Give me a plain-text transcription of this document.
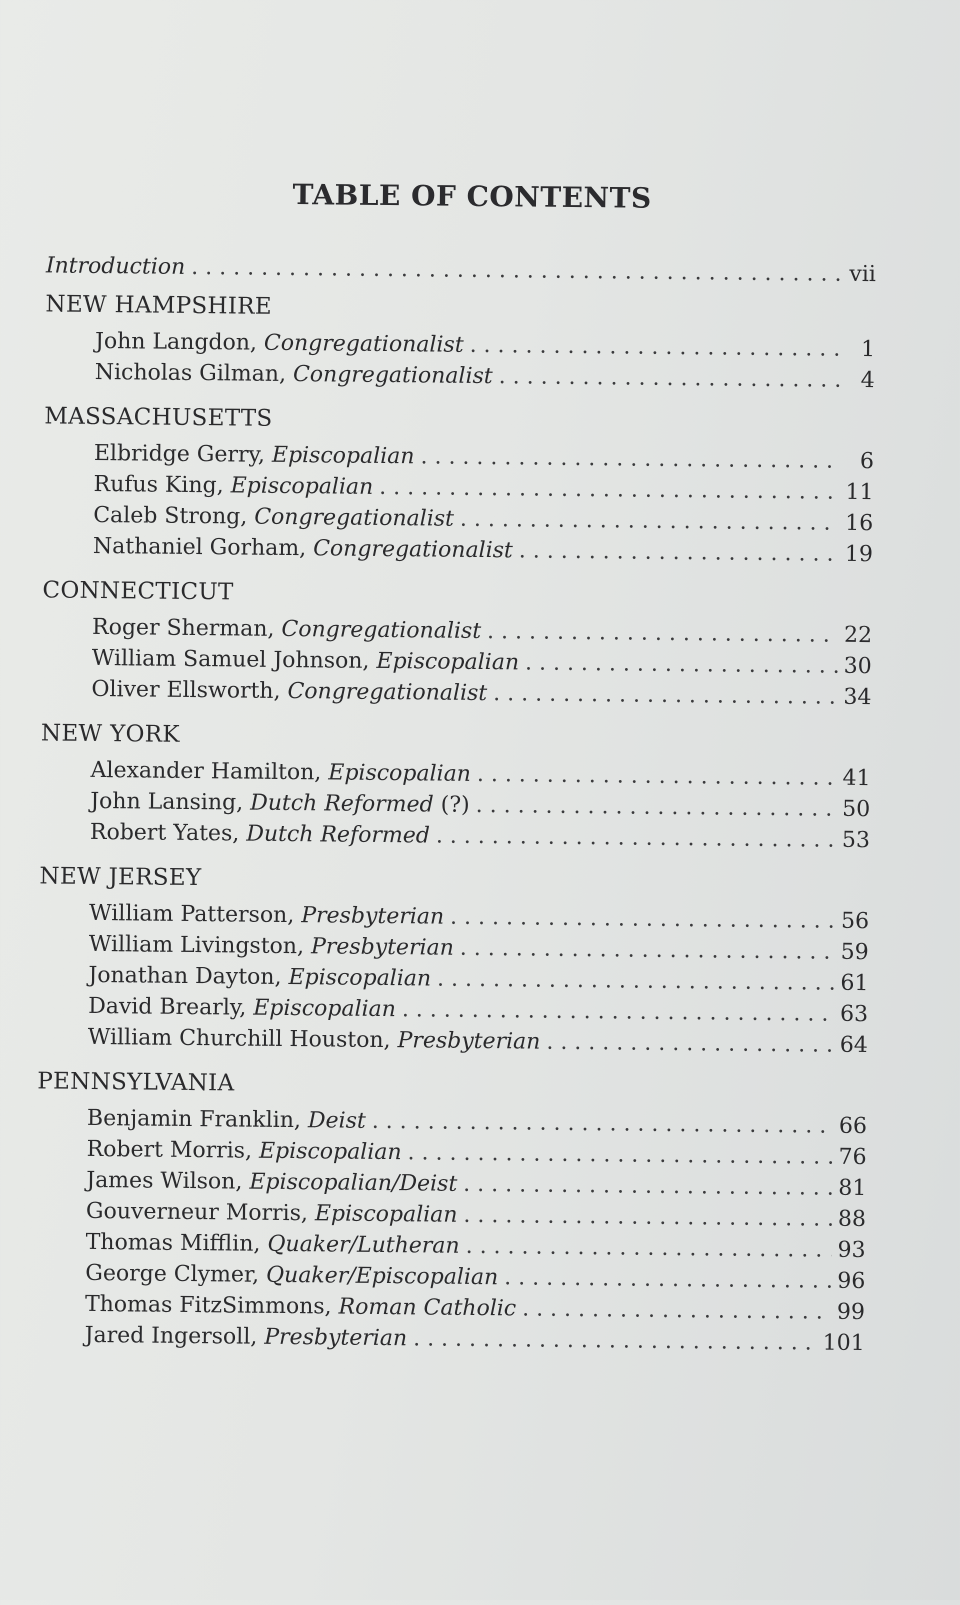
TABLE OF CONTENTS
Introduction . . .	vii
NEW HAMPSHIRE
John Langdon, Congregationalist . . .	1
Nicholas Gilman, Congregationalist . . .	4
MASSACHUSETTS
Elbridge Gerry, Episcopalian . . .	6
Rufus King, Episcopalian . . .	11
Caleb Strong, Congregationalist . . .	16
Nathaniel Gorham, Congregationalist . . .	19
CONNECTICUT
Roger Sherman, Congregationalist . . .	22
William Samuel Johnson, Episcopalian . . .	30
Oliver Ellsworth, Congregationalist . . .	34
NEW YORK
Alexander Hamilton, Episcopalian . . .	41
John Lansing, Dutch Reformed (?) . . .	50
Robert Yates, Dutch Reformed . . .	53
NEW JERSEY
William Patterson, Presbyterian . . .	56
William Livingston, Presbyterian . . .	59
Jonathan Dayton, Episcopalian . . .	61
David Brearly, Episcopalian . . .	63
William Churchill Houston, Presbyterian . . .	64
PENNSYLVANIA
Benjamin Franklin, Deist . . .	66
Robert Morris, Episcopalian . . .	76
James Wilson, Episcopalian/Deist . . .	81
Gouverneur Morris, Episcopalian . . .	88
Thomas Mifflin, Quaker/Lutheran . . .	93
George Clymer, Quaker/Episcopalian . . .	96
Thomas FitzSimmons, Roman Catholic . . .	99
Jared Ingersoll, Presbyterian . . .	101
